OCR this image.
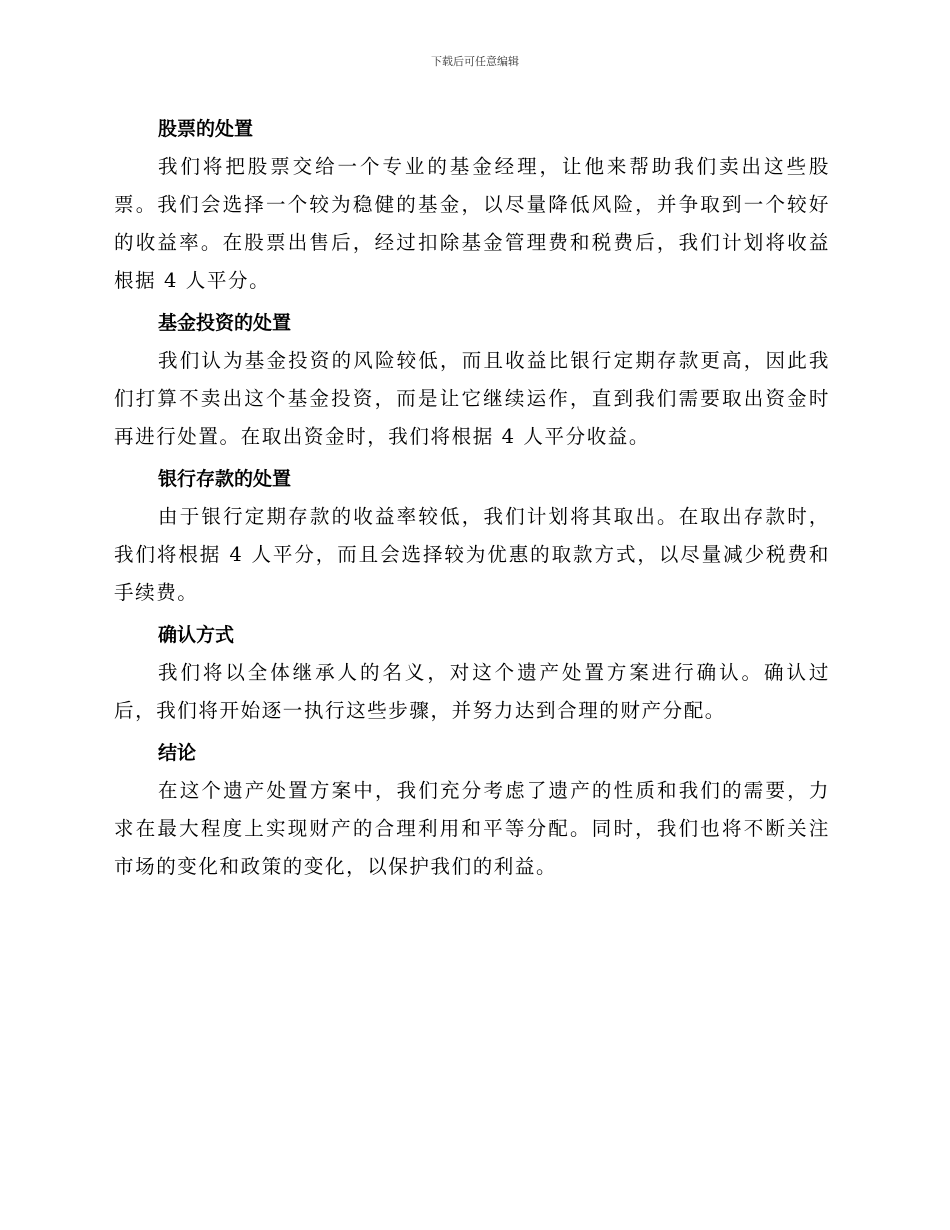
下载后可任意编辑
股票的处置

我们将把股票交给一个专业的基金经理，让他来帮助我们卖出这些股票。我们会选择一个较为稳健的基金，以尽量降低风险，并争取到一个较好的收益率。在股票出售后，经过扣除基金管理费和税费后，我们计划将收益根据 4 人平分。

基金投资的处置

我们认为基金投资的风险较低，而且收益比银行定期存款更高，因此我们打算不卖出这个基金投资，而是让它继续运作，直到我们需要取出资金时再进行处置。在取出资金时，我们将根据 4 人平分收益。

银行存款的处置

由于银行定期存款的收益率较低，我们计划将其取出。在取出存款时，我们将根据 4 人平分，而且会选择较为优惠的取款方式，以尽量减少税费和手续费。

确认方式

我们将以全体继承人的名义，对这个遗产处置方案进行确认。确认过后，我们将开始逐一执行这些步骤，并努力达到合理的财产分配。

结论

在这个遗产处置方案中，我们充分考虑了遗产的性质和我们的需要，力求在最大程度上实现财产的合理利用和平等分配。同时，我们也将不断关注市场的变化和政策的变化，以保护我们的利益。
